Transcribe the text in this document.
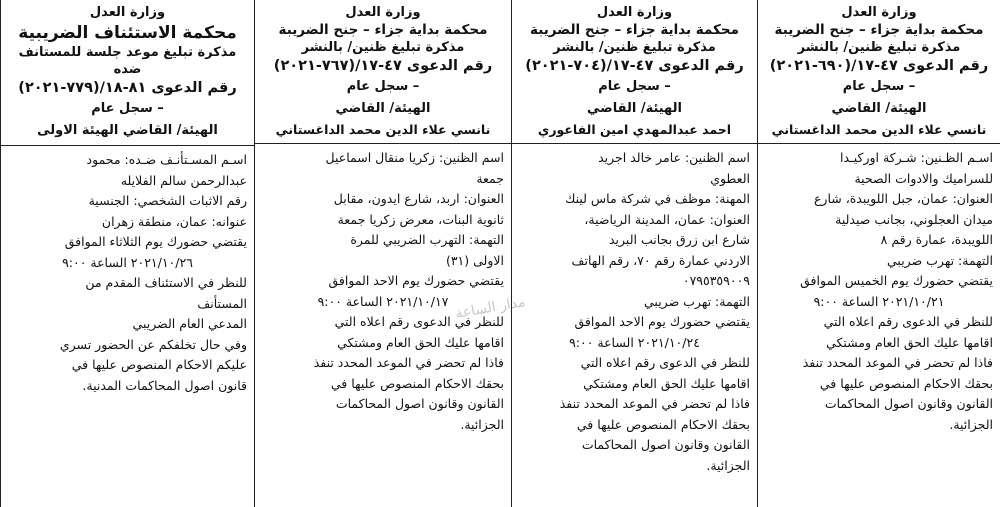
وزارة العدل
محكمة بداية جزاء – جنح الضريبة
مذكرة تبليغ ظنين/ بالنشر
رقم الدعوى ٤٧-١٧/(٦٩٠-٢٠٢١)
– سجل عام
الهيئة/ القاضي
نانسي علاء الدين محمد الداغستاني

اسـم الظـنين: شـركة اوركيـدا

للسراميك والادوات الصحية

العنوان: عمان، جبل اللويبدة، شارع

ميدان العجلوني، بجانب صيدلية

اللويبدة، عمارة رقم ٨

التهمة: تهرب ضريبي

يقتضي حضورك يوم الخميس الموافق

٢٠٢١/١٠/٢١ الساعة ٩:٠٠

للنظر في الدعوى رقم اعلاه التي

اقامها عليك الحق العام ومشتكي

فاذا لم تحضر في الموعد المحدد تنفذ

بحقك الاحكام المنصوص عليها في

القانون وقانون اصول المحاكمات

الجزائية.

وزارة العدل
محكمة بداية جزاء – جنح الضريبة
مذكرة تبليغ ظنين/ بالنشر
رقم الدعوى ٤٧-١٧/(٧٠٤-٢٠٢١)
– سجل عام
الهيئة/ القاضي
احمد عبدالمهدي امين الفاعوري

اسم الظنين: عامر خالد اجريد

العطوي

المهنة: موظف في شركة ماس لينك

العنوان: عمان، المدينة الرياضية،

شارع ابن زرق بجانب البريد

الاردني عمارة رقم ٧٠، رقم الهاتف

٠٧٩٥٣٥٩٠٠٩

التهمة: تهرب ضريبي

يقتضي حضورك يوم الاحد الموافق

٢٠٢١/١٠/٢٤ الساعة ٩:٠٠

للنظر في الدعوى رقم اعلاه التي

اقامها عليك الحق العام ومشتكي

فاذا لم تحضر في الموعد المحدد تنفذ

بحقك الاحكام المنصوص عليها في

القانون وقانون اصول المحاكمات

الجزائية.

وزارة العدل
محكمة بداية جزاء – جنح الضريبة
مذكرة تبليغ ظنين/ بالنشر
رقم الدعوى ٤٧-١٧/(٧٦٧-٢٠٢١)
– سجل عام
الهيئة/ القاضي
نانسي علاء الدين محمد الداغستاني

اسم الظنين: زكريا منقال اسماعيل

جمعة

العنوان: اربد، شارع ايدون، مقابل

ثانوية البنات، معرض زكريا جمعة

التهمة: التهرب الضريبي للمرة

الاولى (٣١)

يقتضي حضورك يوم الاحد الموافق

٢٠٢١/١٠/١٧ الساعة ٩:٠٠

للنظر في الدعوى رقم اعلاه التي

اقامها عليك الحق العام ومشتكي

فاذا لم تحضر في الموعد المحدد تنفذ

بحقك الاحكام المنصوص عليها في

القانون وقانون اصول المحاكمات

الجزائية.

وزارة العدل
محكمة الاستئناف الضريبية
مذكرة تبليغ موعد جلسة للمستانف ضده
رقم الدعوى ٨١-١٨/(٧٧٩-٢٠٢١)
– سجل عام
الهيئة/ القاضي الهيئة الاولى

اسـم المسـتأنـف ضـده: محمود

عبدالرحمن سالم الفلايله

رقم الاثبات الشخصي: الجنسية

عنوانه: عمان، منطقة زهران

يقتضي حضورك يوم الثلاثاء الموافق

٢٠٢١/١٠/٢٦ الساعة ٩:٠٠

للنظر في الاستئناف المقدم من

المستأنف

المدعي العام الضريبي

وفي حال تخلفكم عن الحضور تسري

عليكم الاحكام المنصوص عليها في

قانون اصول المحاكمات المدنية.

مدار الساعة
